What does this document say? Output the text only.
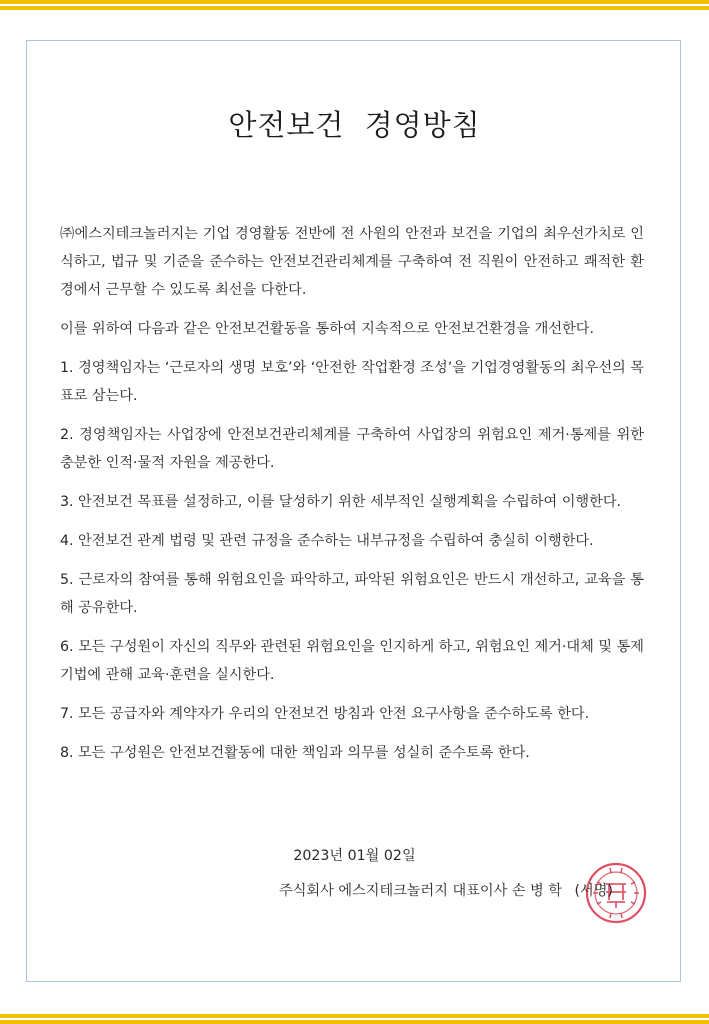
안전보건 경영방침

㈜에스지테크놀러지는 기업 경영활동 전반에 전 사원의 안전과 보건을 기업의 최우선가치로 인식하고, 법규 및 기준을 준수하는 안전보건관리체계를 구축하여 전 직원이 안전하고 쾌적한 환경에서 근무할 수 있도록 최선을 다한다.

이를 위하여 다음과 같은 안전보건활동을 통하여 지속적으로 안전보건환경을 개선한다.

1. 경영책임자는 ‘근로자의 생명 보호’와 ‘안전한 작업환경 조성’을 기업경영활동의 최우선의 목표로 삼는다.

2. 경영책임자는 사업장에 안전보건관리체계를 구축하여 사업장의 위험요인 제거·통제를 위한 충분한 인적·물적 자원을 제공한다.

3. 안전보건 목표를 설정하고, 이를 달성하기 위한 세부적인 실행계획을 수립하여 이행한다.

4. 안전보건 관계 법령 및 관련 규정을 준수하는 내부규정을 수립하여 충실히 이행한다.

5. 근로자의 참여를 통해 위험요인을 파악하고, 파악된 위험요인은 반드시 개선하고, 교육을 통해 공유한다.

6. 모든 구성원이 자신의 직무와 관련된 위험요인을 인지하게 하고, 위험요인 제거·대체 및 통제기법에 관해 교육·훈련을 실시한다.

7. 모든 공급자와 계약자가 우리의 안전보건 방침과 안전 요구사항을 준수하도록 한다.

8. 모든 구성원은 안전보건활동에 대한 책임과 의무를 성실히 준수토록 한다.

2023년 01월 02일
주식회사 에스지테크놀러지 대표이사 손 병 학 (서명)
